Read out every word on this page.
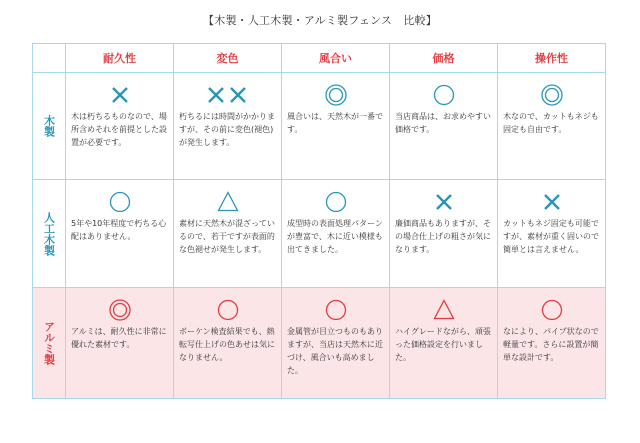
【木製・人工木製・アルミ製フェンス　比較】
	耐久性	変色	風合い	価格	操作性
木製	木は朽ちるものなので、場所含めそれを前提とした設置が必要です。	朽ちるには時間がかかりますが、その前に変色(褪色)が発生します。	風合いは、天然木が一番です。	当店商品は、お求めやすい価格です。	木なので、カットもネジも固定も自由です。

人工木製	5年や10年程度で朽ちる心配はありません。	素材に天然木が混ざっているので、若干ですが表面的な色褪せが発生します。	成型時の表面処理パターンが豊富で、木に近い模様も出てきました。	廉価商品もありますが、その場合仕上げの粗さが気になります。	カットもネジ固定も可能ですが、素材が重く固いので簡単とは言えません。

アルミ製	アルミは、耐久性に非常に優れた素材です。	ボーケン検査結果でも、熱転写仕上げの色あせは気になりません。	金属管が目立つものもありますが、当店は天然木に近づけ、風合いも高めました。	ハイグレードながら、頑張った価格設定を行いました。	なにより、パイプ状なので軽量です。さらに設置が簡単な設計です。
